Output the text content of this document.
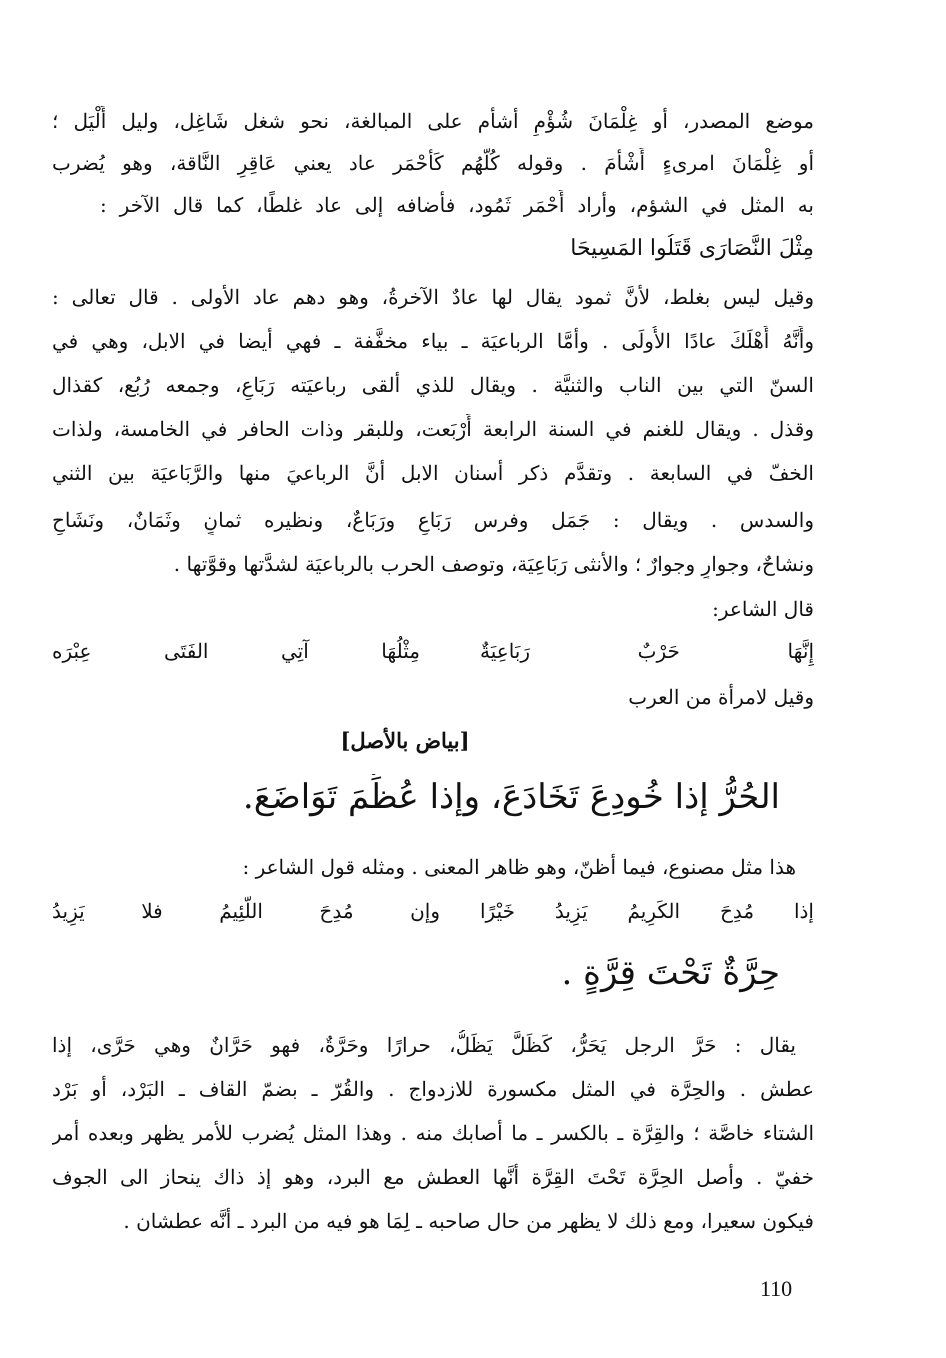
موضع المصدر، أو غِلْمَانَ شُؤْمٍ أشأم على المبالغة، نحو شغل شَاغِل، وليل أَلْيَل ؛
أو غِلْمَانَ امرىءٍ أَشْأَمَ . وقوله كُلُّهُم كَأَحْمَر عاد يعني عَاقِرِ النَّاقة، وهو يُضرب
به المثل في الشؤم، وأراد أَحْمَر ثَمُود، فأضافه إلى عاد غلطًا، كما قال الآخر :
مِثْلَ النَّصَارَى قَتَلُوا المَسِيحَا
وقيل ليس بغلط، لأنَّ ثمود يقال لها عادٌ الآخرةُ، وهو دهم عاد الأولى . قال تعالى :
وأَنَّهُ أَهْلَكَ عادًا الأُولَى . وأمَّا الرباعيَة ـ بياء مخفَّفة ـ فهي أيضا في الابل، وهي في
السنّ التي بين الناب والثنيَّة . ويقال للذي ألقى رباعيَته رَبَاعٍ، وجمعه رُبُع، كقذال
وقذل . ويقال للغنم في السنة الرابعة أَرْبَعت، وللبقر وذات الحافر في الخامسة، ولذات
الخفّ في السابعة . وتقدَّم ذكر أسنان الابل أنَّ الرباعيَ منها والرَّبَاعيَة بين الثني
والسدس . ويقال : جَمَل وفرس رَبَاعٍ ورَبَاعٌ، ونظيره ثمانٍ وثَمَانٌ، ونَشَاحٍ
ونشاحٌ، وجوارٍ وجوارٌ ؛ والأنثى رَبَاعِيَة، وتوصف الحرب بالرباعيَة لشدَّتها وقوَّتها .
قال الشاعر:
إِنَّهَا حَرْبٌ رَبَاعِيَةٌ
مِثْلُهَا آتِي الفَتَى عِبْرَه
وقيل لامرأة من العرب
[بياض بالأصل]
الحُرُّ إذا خُودِعَ تَخَادَعَ، وإذا عُظِّمَ تَوَاضَعَ.
هذا مثل مصنوع، فيما أظنّ، وهو ظاهر المعنى . ومثله قول الشاعر :
إذا مُدِحَ الكَرِيمُ يَزِيدُ خَيْرًا
وإن مُدِحَ اللَّئِيمُ فلا يَزِيدُ
حِرَّةٌ تَحْتَ قِرَّةٍ .
يقال : حَرَّ الرجل يَحَرُّ، كَظَلَّ يَظَلُّ، حرارًا وحَرَّةٌ، فهو حَرَّانٌ وهي حَرَّى، إذا
عطش . والحِرَّة في المثل مكسورة للازدواج . والقُرّ ـ بضمّ القاف ـ البَرْد، أو بَرْد
الشتاء خاصَّة ؛ والقِرَّة ـ بالكسر ـ ما أصابك منه . وهذا المثل يُضرب للأمر يظهر وبعده أمر
خفيّ . وأصل الحِرَّة تَحْتَ القِرَّة أنَّها العطش مع البرد، وهو إذ ذاك ينحاز الى الجوف
فيكون سعيرا، ومع ذلك لا يظهر من حال صاحبه ـ لِمَا هو فيه من البرد ـ أنَّه عطشان .
110
